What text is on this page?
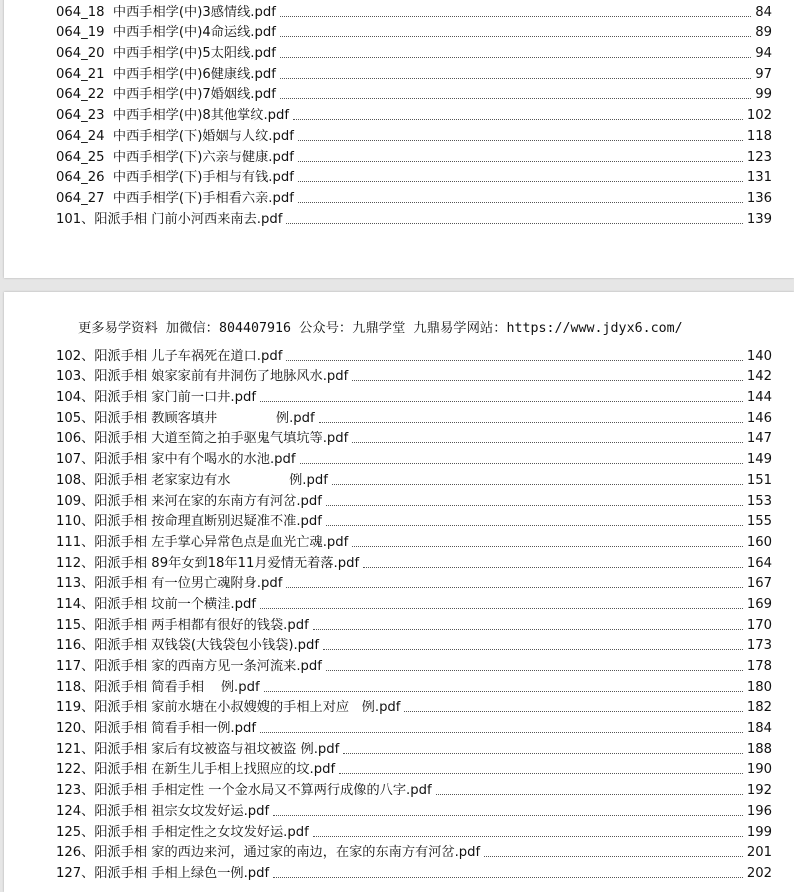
064_18  中西手相学(中)3感情线.pdf	84
064_19  中西手相学(中)4命运线.pdf	89
064_20  中西手相学(中)5太阳线.pdf	94
064_21  中西手相学(中)6健康线.pdf	97
064_22  中西手相学(中)7婚姻线.pdf	99
064_23  中西手相学(中)8其他掌纹.pdf	102
064_24  中西手相学(下)婚姻与人纹.pdf	118
064_25  中西手相学(下)六亲与健康.pdf	123
064_26  中西手相学(下)手相与有钱.pdf	131
064_27  中西手相学(下)手相看六亲.pdf	136
101、阳派手相 门前小河西来南去.pdf	139
更多易学资料 加微信：804407916 公众号：九鼎学堂 九鼎易学网站：https://www.jdyx6.com/
102、阳派手相 儿子车祸死在道口.pdf	140
103、阳派手相 娘家家前有井洞伤了地脉风水.pdf	142
104、阳派手相 家门前一口井.pdf	144
105、阳派手相 教顾客填井              例.pdf	146
106、阳派手相 大道至简之拍手驱鬼气填坑等.pdf	147
107、阳派手相 家中有个喝水的水池.pdf	149
108、阳派手相 老家家边有水              例.pdf	151
109、阳派手相 来河在家的东南方有河岔.pdf	153
110、阳派手相 按命理直断别迟疑准不准.pdf	155
111、阳派手相 左手掌心异常色点是血光亡魂.pdf	160
112、阳派手相 89年女到18年11月爱情无着落.pdf	164
113、阳派手相 有一位男亡魂附身.pdf	167
114、阳派手相 坟前一个横洼.pdf	169
115、阳派手相 两手相都有很好的钱袋.pdf	170
116、阳派手相 双钱袋(大钱袋包小钱袋).pdf	173
117、阳派手相 家的西南方见一条河流来.pdf	178
118、阳派手相 简看手相    例.pdf	180
119、阳派手相 家前水塘在小叔嫂嫂的手相上对应   例.pdf	182
120、阳派手相 简看手相一例.pdf	184
121、阳派手相 家后有坟被盗与祖坟被盗 例.pdf	188
122、阳派手相 在新生儿手相上找照应的坟.pdf	190
123、阳派手相 手相定性 一个金水局又不算两行成像的八字.pdf	192
124、阳派手相 祖宗女坟发好运.pdf	196
125、阳派手相 手相定性之女坟发好运.pdf	199
126、阳派手相 家的西边来河，通过家的南边，在家的东南方有河岔.pdf	201
127、阳派手相 手相上绿色一例.pdf	202
